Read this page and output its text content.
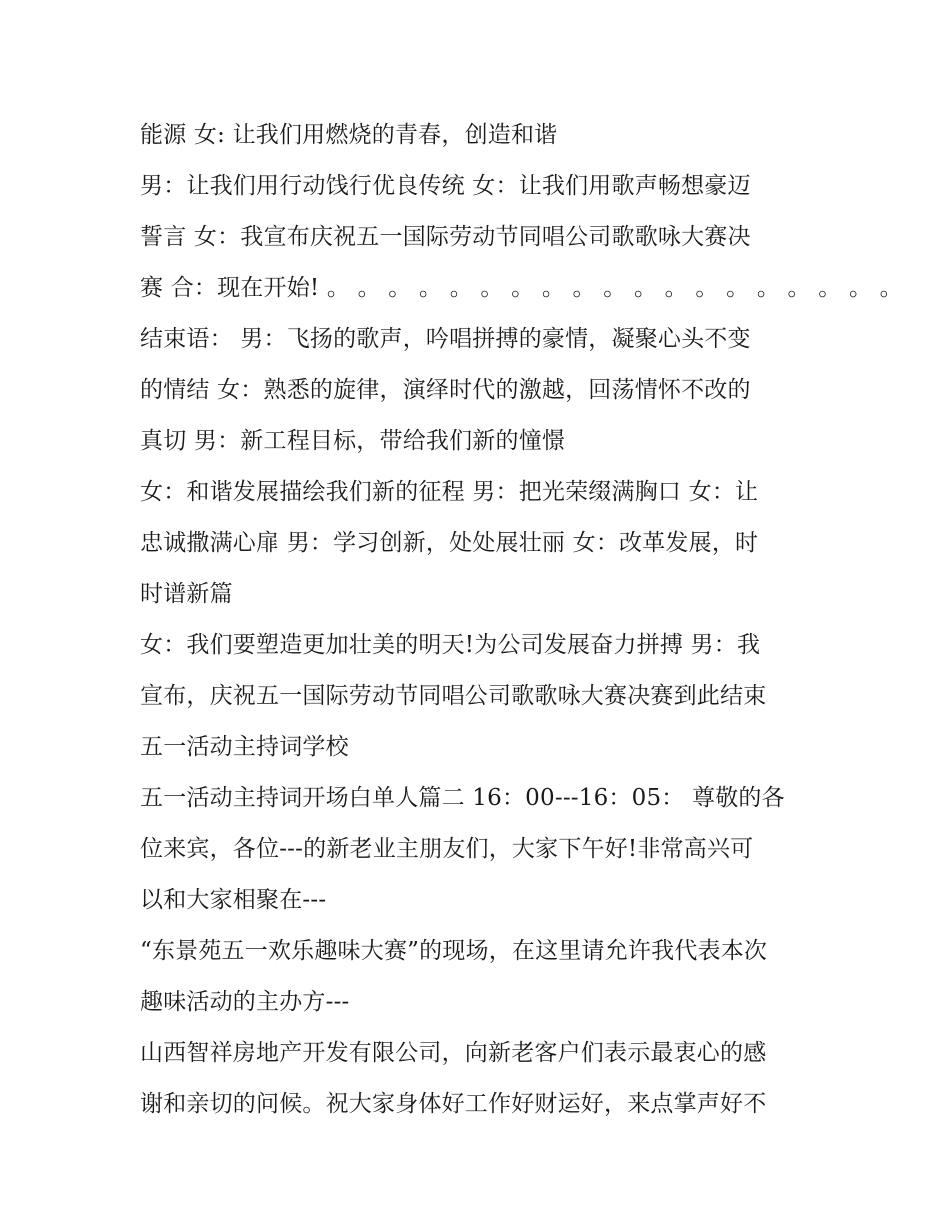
能源 女: 让我们用燃烧的青春，创造和谐
男：让我们用行动饯行优良传统 女：让我们用歌声畅想豪迈
誓言 女：我宣布庆祝五一国际劳动节同唱公司歌歌咏大赛决
赛 合：现在开始! 。 。 。 。 。 。 。 。 。 。 。 。 。 。 。 。 。 。 。
结束语： 男：飞扬的歌声，吟唱拼搏的豪情，凝聚心头不变
的情结 女：熟悉的旋律，演绎时代的激越，回荡情怀不改的
真切 男：新工程目标，带给我们新的憧憬
女：和谐发展描绘我们新的征程 男：把光荣缀满胸口 女：让
忠诚撒满心扉 男：学习创新，处处展壮丽 女：改革发展，时
时谱新篇
女：我们要塑造更加壮美的明天!为公司发展奋力拼搏 男：我
宣布，庆祝五一国际劳动节同唱公司歌歌咏大赛决赛到此结束
五一活动主持词学校
五一活动主持词开场白单人篇二 16：00---16：05： 尊敬的各
位来宾，各位---的新老业主朋友们，大家下午好!非常高兴可
以和大家相聚在---
“东景苑五一欢乐趣味大赛”的现场，在这里请允许我代表本次
趣味活动的主办方---
山西智祥房地产开发有限公司，向新老客户们表示最衷心的感
谢和亲切的问候。祝大家身体好工作好财运好，来点掌声好不
